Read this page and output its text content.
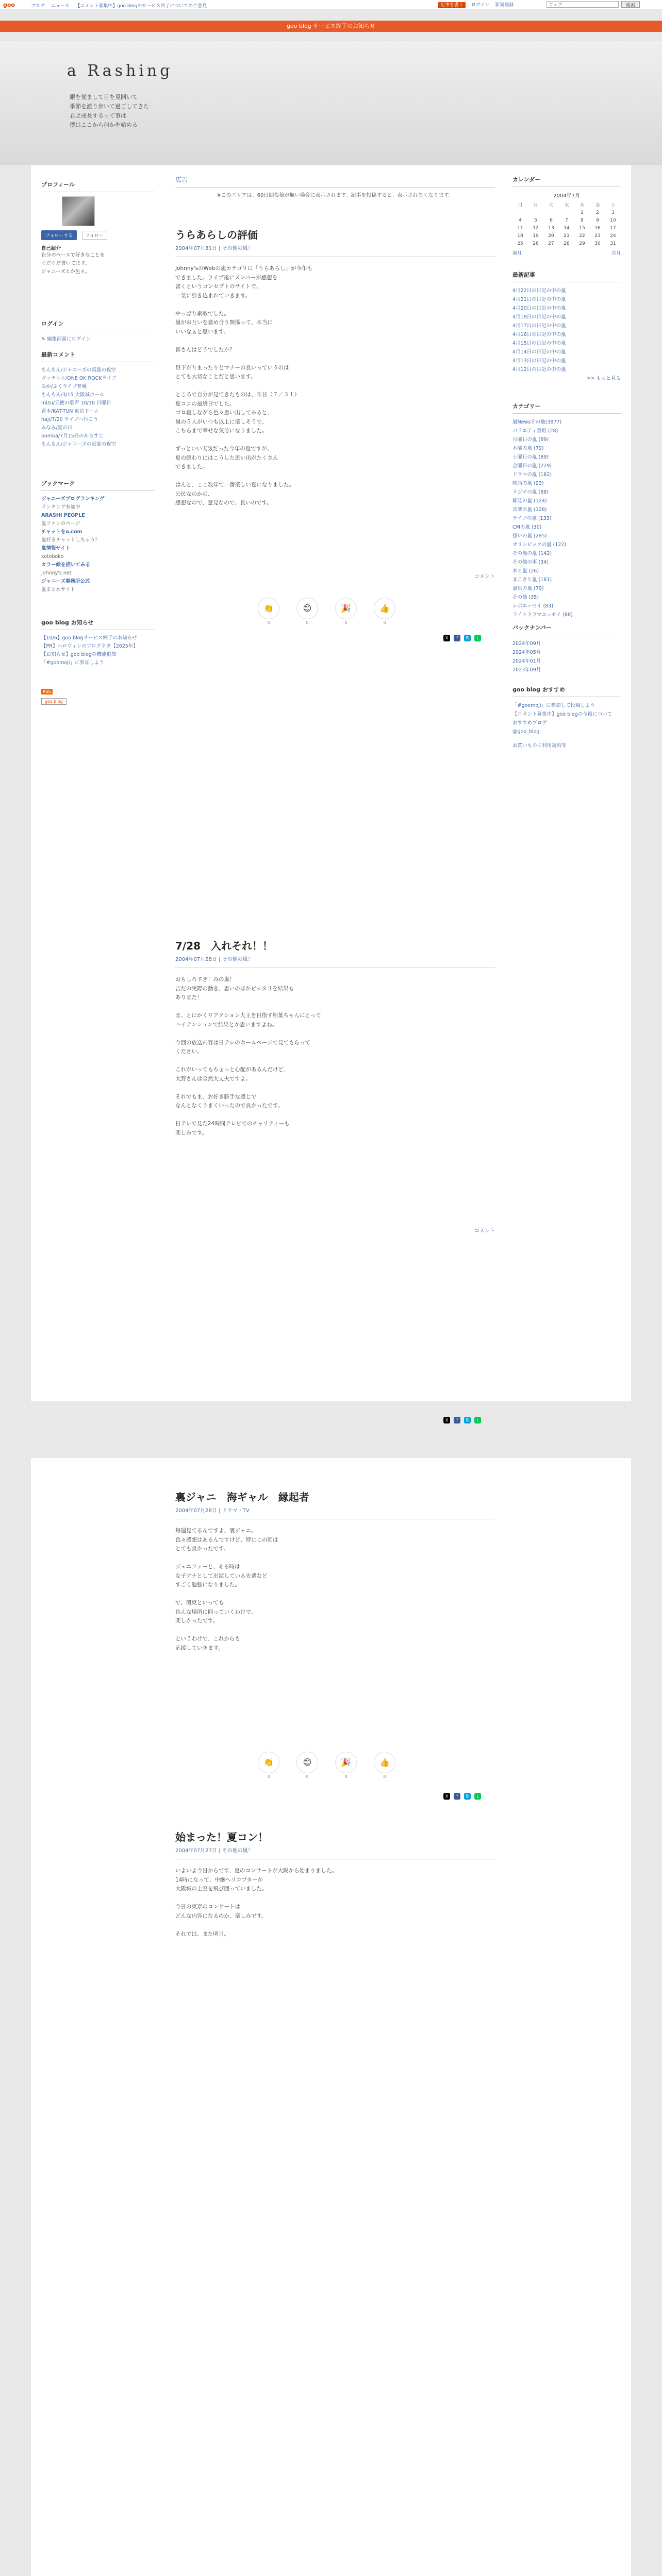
goo	ブログ ニュース 【コメント募集中】goo blogのサービス終了についてのご意見	記事を書く ログイン 新規登録
ウェブ	検索
goo blog サービス終了のお知らせ
a Rashing
眼を覚まして目を見開いて
季節を渡り歩いて過ごしてきた
君よ成長するって事は
僕はここから何かを始める
プロフィール
フォローする	フォロー
自己紹介
自分のペースで好きなことを
ぐだぐだ書いてます。
ジャニーズとか色々。
ログイン
✎ 編集画面にログイン
最新コメント
もんもん/ジャニーズの真夏の夜空
ゴッチャル/ONE OK ROCKライブ
みか/ふくライブ参戦
もんもん/3/15 大阪城ホール
mizu/天使の歌声 10/10 日曜日
宮本/KAT-TUN 東京ドーム
haji/7/20 ライブへ行こう
みなみ/夏の日
bomba/7月15日のあらすじ
もんもん/ジャニーズの真夏の夜空
ブックマーク
ジャニーズプログランキング
ランキング参加中
ARASHI PEOPLE
嵐ファンのページ
チャットをo.com
嵐好きチャットしちゃう？
嵐情報サイト
kotoboko
カラー絵を描いてみる
Johnny's net
ジャニーズ事務所公式
嵐まとめサイト
goo blog お知らせ
【10/6】goo blogサービス終了のお知らせ
【PR】ハロウィンのブログネタ【2025年】
【お知らせ】goo blogの機能追加
「#goomoji」に参加しよう
RSS
goo blog
広告
※このエリアは、60日間投稿が無い場合に表示されます。記事を投稿すると、表示されなくなります。
うらあらしの評価
2004年07月31日 | その他の嵐！
Johnny'sのWebの嵐カテゴリに「うらあらし」が今年も
できました。ライブ後にメンバーが感想を
書くというコンセプトのサイトで、
一気に引き込まれていきます。

やっぱり素敵でした。
嵐がお互いを褒め合う関係って、本当に
いいなぁと思います。

皆さんはどうでしたか？

昼下がりまったりとマナーの良いっていうのは
とても大切なことだと思います。

ところで自分が見てきたものは、昨日（７／３１）
夏コンの最終日でした。
ゴロ寝しながら色々思い出してみると、
嵐の５人がいつも以上に楽しそうで、
こちらまで幸せな気分になりました。

ずっといい天気だった今年の夏ですが、
夏の終わりにはこうした思い出がたくさん
できました。

はんと、ここ数年で一番楽しい夏になりました。
公民なのかの、
感想なので、意見なので、良いのです。
コメント
👏
0
😊
0
🎉
0
👍
0
X	f	B	L
7/28　入れそれ！！
2004年07月28日 | その他の嵐！
おもしろすぎ！みの嵐！
吉だの実際の動き、思いのほかピッタリを結果も
ありまた！

ま、とにかくリアクション大王を目指す相葉ちゃんにとって
ハイテンションで結果とか思いますよね。

今回の放送内容は日テレのホームページで見てもらって
ください。

これがいってもちょっと心配があるんだけど、
大野さんは全然大丈夫ですよ。

それでもま、お好き勝手な感じで
なんとなくうまくいったので良かったです。

日テレで見た24時間テレビでのチャリティーも
楽しみです。
コメント
カレンダー
2004年7月
日	月	火	水	木	金	土
				1	2	3
4	5	6	7	8	9	10
11	12	13	14	15	16	17
18	19	20	21	22	23	24
25	26	27	28	29	30	31
前月	次月
最新記事
4月22日の日記の中の嵐
4月21日の日記の中の嵐
4月20日の日記の中の嵐
4月18日の日記の中の嵐
4月17日の日記の中の嵐
4月16日の日記の中の嵐
4月15日の日記の中の嵐
4月14日の日記の中の嵐
4月13日の日記の中の嵐
4月12日の日記の中の嵐
>> もっと見る
カテゴリー
嵐Newsその他(3877)
バラエティ番組 (28)
月曜日の嵐 (89)
木曜の嵐 (79)
土曜日の嵐 (89)
金曜日の嵐 (229)
ドラマの嵐 (182)
映画の嵐 (93)
ラジオの嵐 (88)
雑誌の嵐 (124)
音楽の嵐 (128)
ライブの嵐 (133)
CMの嵐 (30)
想いの嵐 (285)
オリンピックの嵐 (122)
その他の嵐 (142)
その他の事 (34)
本と嵐 (26)
まこさと嵐 (181)
温泉の嵐 (79)
その他 (35)
レポエッセイ (83)
ライトドラマエッセイ (88)
バックナンバー
2024年09月
2024年05月
2024年01月
2023年09月
goo blog おすすめ
「#goomoji」に参加して投稿しよう
【コメント募集中】goo blogの今後について
おすすめブログ
@goo_blog
お買いものに利用規約等
X	f	B	L
裏ジャニ　海ギャル　縁起者
2004年07月28日 | ドラマ・TV
毎週見てるんですよ、裏ジャニ。
色々感想はあるんですけど、特にこの回は
とても良かったです。

ジェニファーと、ある時は
女子アナとして出演している先輩など
すごく勉強になりました。

で、関東といっても
色んな場所に回っていくわけで、
楽しかったです。

というわけで、これからも
応援していきます。
👏
0
😊
0
🎉
0
👍
0
X	f	B	L
始まった！夏コン！
2004年07月27日 | その他の嵐！
いよいよ今日からです、夏のコンサートが大阪から始まりました。
14時になって、中継ヘリコプターが
大阪城の上空を飛び回っていました。

今日の東京のコンサートは
どんな内容になるのか、楽しみです。

それでは、また明日。
